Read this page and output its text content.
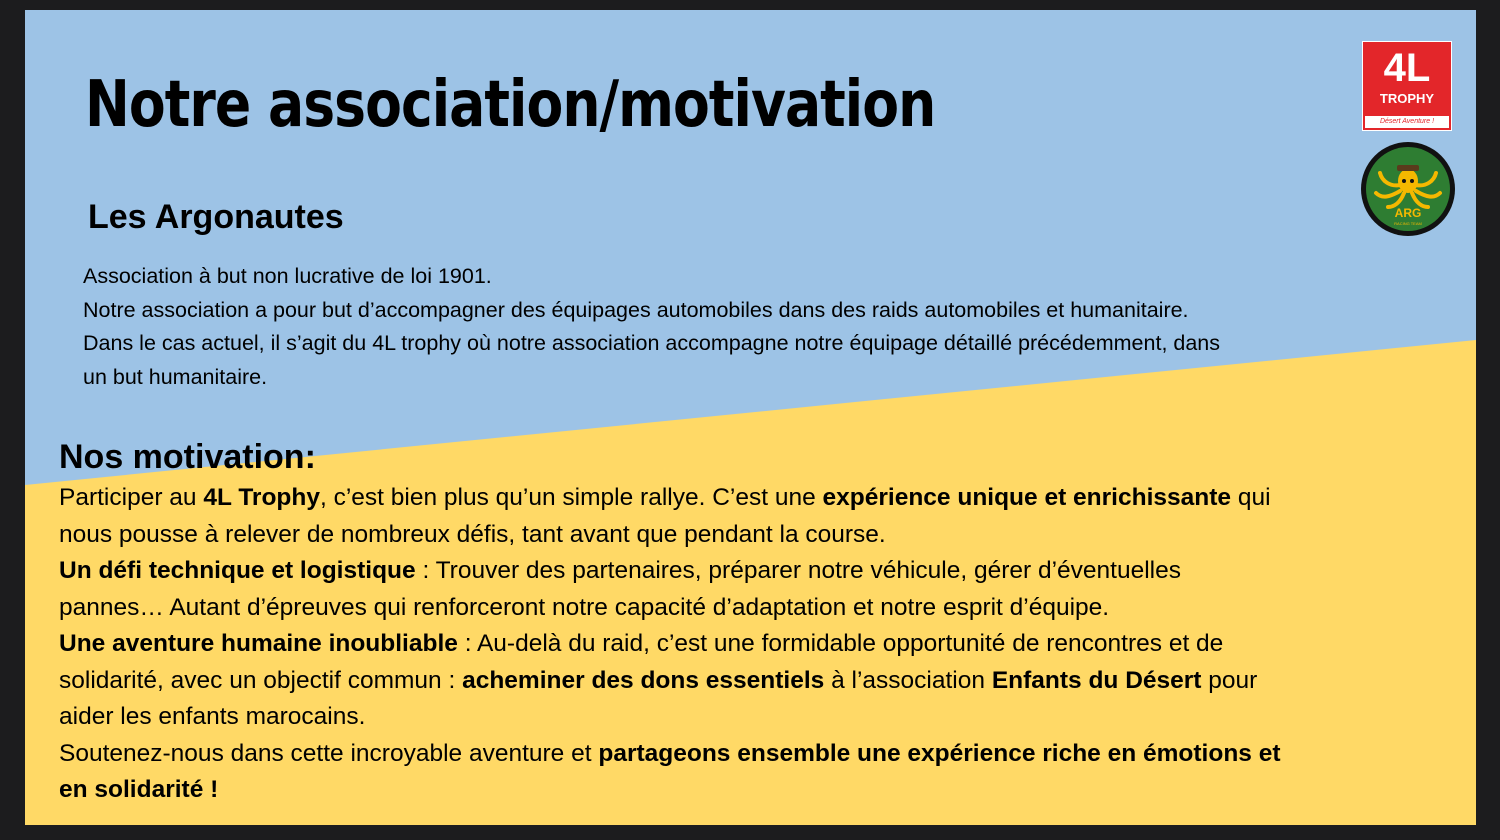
Notre association/motivation
Les Argonautes
Association à but non lucrative de loi 1901.
Notre association a pour but d’accompagner des équipages automobiles dans des raids automobiles et humanitaire.
Dans le cas actuel, il s’agit du 4L trophy où notre association accompagne notre équipage détaillé précédemment, dans
un but humanitaire.
Nos motivation:
Participer au 4L Trophy, c’est bien plus qu’un simple rallye. C’est une expérience unique et enrichissante qui
nous pousse à relever de nombreux défis, tant avant que pendant la course.
Un défi technique et logistique : Trouver des partenaires, préparer notre véhicule, gérer d’éventuelles
pannes… Autant d’épreuves qui renforceront notre capacité d’adaptation et notre esprit d’équipe.
Une aventure humaine inoubliable : Au-delà du raid, c’est une formidable opportunité de rencontres et de
solidarité, avec un objectif commun : acheminer des dons essentiels à l’association Enfants du Désert pour
aider les enfants marocains.
Soutenez-nous dans cette incroyable aventure et partageons ensemble une expérience riche en émotions et
en solidarité !
4L
TROPHY
Désert Aventure !
ARG
RACING TEAM
